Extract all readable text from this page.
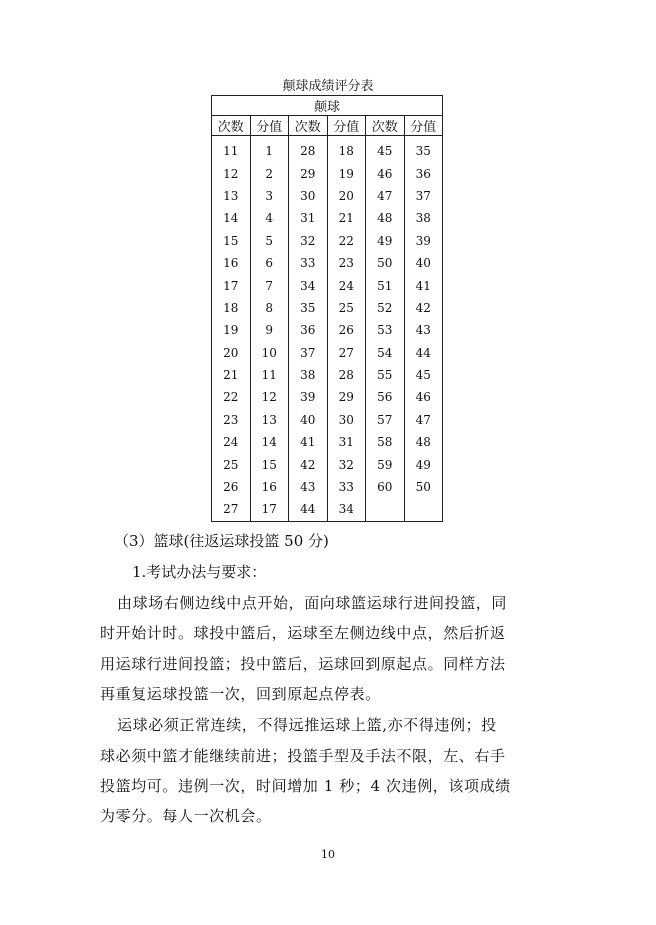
颠球成绩评分表
颠球					
次数	分值	次数	分值	次数	分值
11	1	28	18	45	35
12	2	29	19	46	36
13	3	30	20	47	37
14	4	31	21	48	38
15	5	32	22	49	39
16	6	33	23	50	40
17	7	34	24	51	41
18	8	35	25	52	42
19	9	36	26	53	43
20	10	37	27	54	44
21	11	38	28	55	45
22	12	39	29	56	46
23	13	40	30	57	47
24	14	41	31	58	48
25	15	42	32	59	49
26	16	43	33	60	50
27	17	44	34		
（3）篮球(往返运球投篮 50 分)
1.考试办法与要求：
由球场右侧边线中点开始，面向球篮运球行进间投篮，同
时开始计时。球投中篮后，运球至左侧边线中点，然后折返
用运球行进间投篮；投中篮后，运球回到原起点。同样方法
再重复运球投篮一次，回到原起点停表。
运球必须正常连续，不得远推运球上篮,亦不得违例；投
球必须中篮才能继续前进；投篮手型及手法不限，左、右手
投篮均可。违例一次，时间增加 1 秒；4 次违例，该项成绩
为零分。每人一次机会。
10
